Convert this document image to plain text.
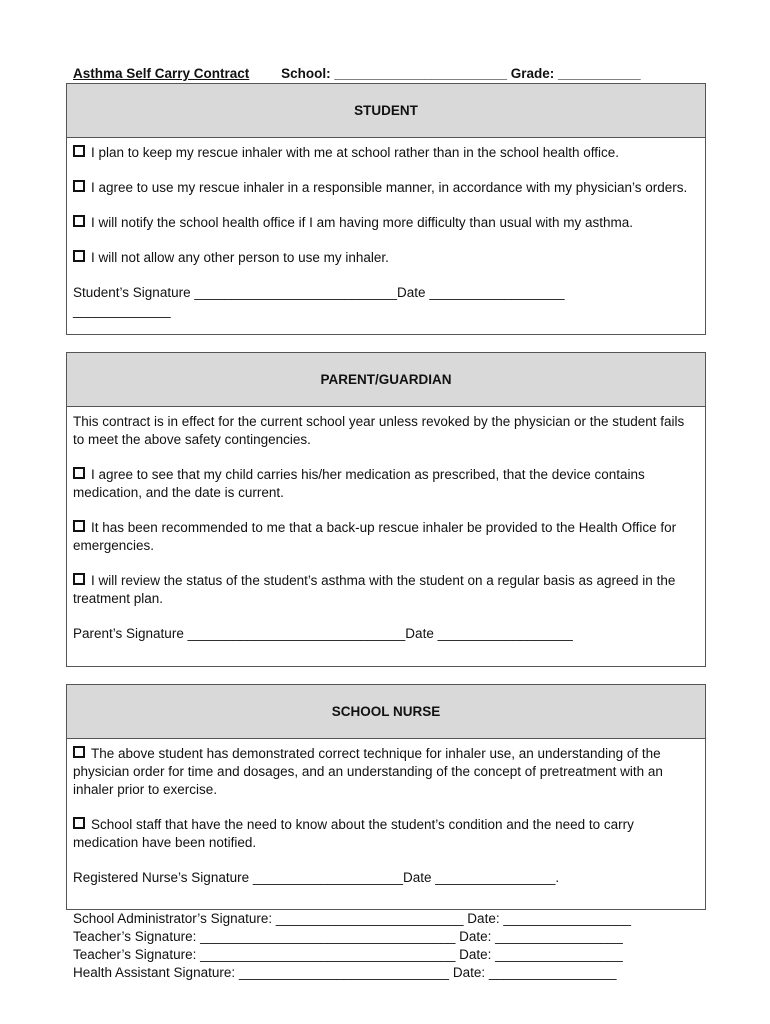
Asthma Self Carry Contract School: _______________________ Grade: ___________
STUDENT

I plan to keep my rescue inhaler with me at school rather than in the school health office.

I agree to use my rescue inhaler in a responsible manner, in accordance with my physician’s orders.

I will notify the school health office if I am having more difficulty than usual with my asthma.

I will not allow any other person to use my inhaler.

Student’s Signature ___________________________Date __________________
_____________
PARENT/GUARDIAN

This contract is in effect for the current school year unless revoked by the physician or the student fails to meet the above safety contingencies.

I agree to see that my child carries his/her medication as prescribed, that the device contains medication, and the date is current.

It has been recommended to me that a back-up rescue inhaler be provided to the Health Office for emergencies.

I will review the status of the student’s asthma with the student on a regular basis as agreed in the treatment plan.

Parent’s Signature _____________________________Date __________________
SCHOOL NURSE

The above student has demonstrated correct technique for inhaler use, an understanding of the physician order for time and dosages, and an understanding of the concept of pretreatment with an inhaler prior to exercise.

School staff that have the need to know about the student’s condition and the need to carry medication have been notified.

Registered Nurse’s Signature ____________________Date ________________.
School Administrator’s Signature: _________________________ Date: _________________
Teacher’s Signature: __________________________________ Date: _________________
Teacher’s Signature: __________________________________ Date: _________________
Health Assistant Signature: ____________________________ Date: _________________
